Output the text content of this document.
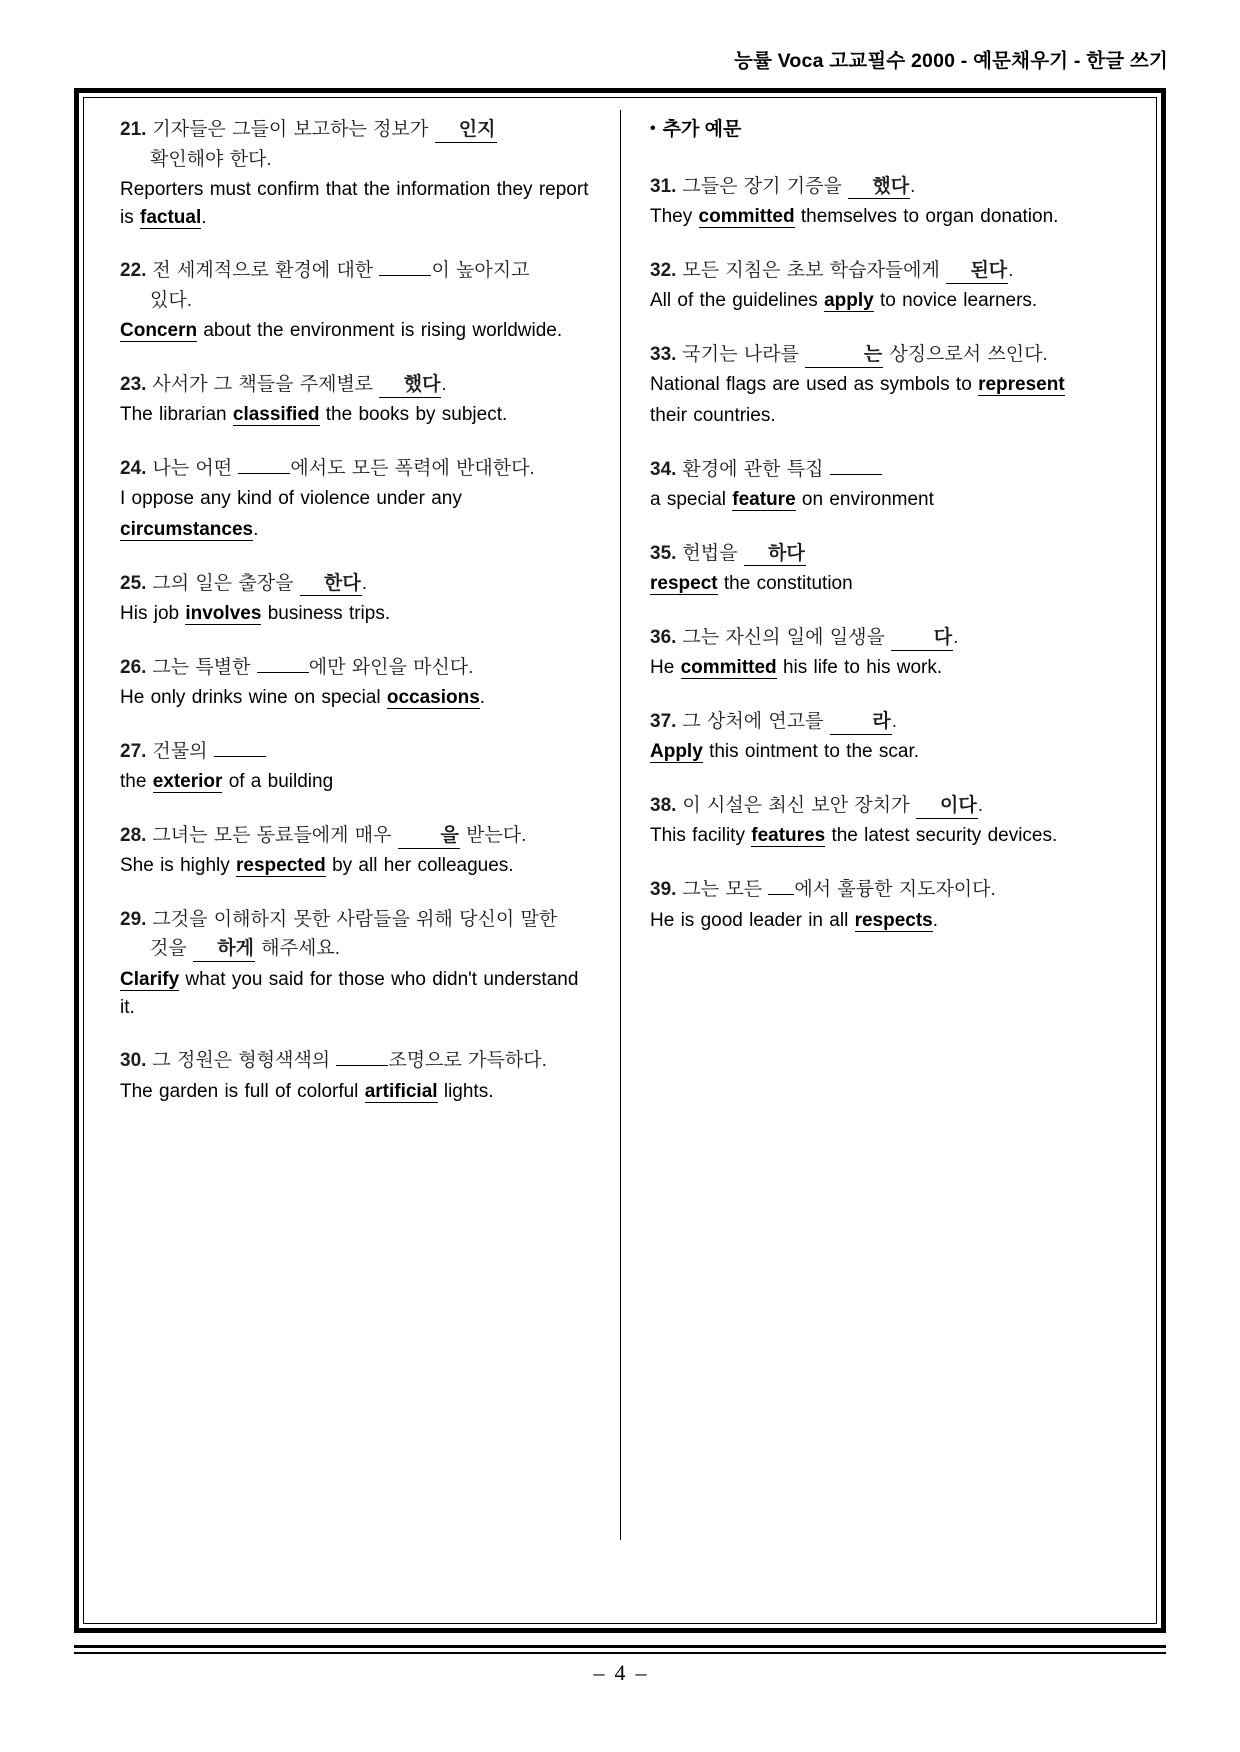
능률 Voca 고교필수 2000 - 예문채우기 - 한글 쓰기

21. 기자들은 그들이 보고하는 정보가 인지

확인해야 한다.

Reporters must confirm that the information they report is factual.

22. 전 세계적으로 환경에 대한	이 높아지고

있다.

Concern about the environment is rising worldwide.

23. 사서가 그 책들을 주제별로 했다.

The librarian classified the books by subject.

24. 나는 어떤	에서도 모든 폭력에 반대한다.

I oppose any kind of violence under any

circumstances.

25. 그의 일은 출장을 한다.

His job involves business trips.

26. 그는 특별한	에만 와인을 마신다.

He only drinks wine on special occasions.

27. 건물의

the exterior of a building

28. 그녀는 모든 동료들에게 매우	을 받는다.

She is highly respected by all her colleagues.

29. 그것을 이해하지 못한 사람들을 위해 당신이 말한

것을 하게 해주세요.

Clarify what you said for those who didn't understand it.

30. 그 정원은 형형색색의	조명으로 가득하다.

The garden is full of colorful artificial lights.

• 추가 예문

31. 그들은 장기 기증을 했다.

They committed themselves to organ donation.

32. 모든 지침은 초보 학습자들에게 된다.

All of the guidelines apply to novice learners.

33. 국기는 나라를	는 상징으로서 쓰인다.

National flags are used as symbols to represent

their countries.

34. 환경에 관한 특집

a special feature on environment

35. 헌법을 하다

respect the constitution

36. 그는 자신의 일에 일생을	다.

He committed his life to his work.

37. 그 상처에 연고를	라.

Apply this ointment to the scar.

38. 이 시설은 최신 보안 장치가 이다.

This facility features the latest security devices.

39. 그는 모든 에서 훌륭한 지도자이다.

He is good leader in all respects.

– 4 –
